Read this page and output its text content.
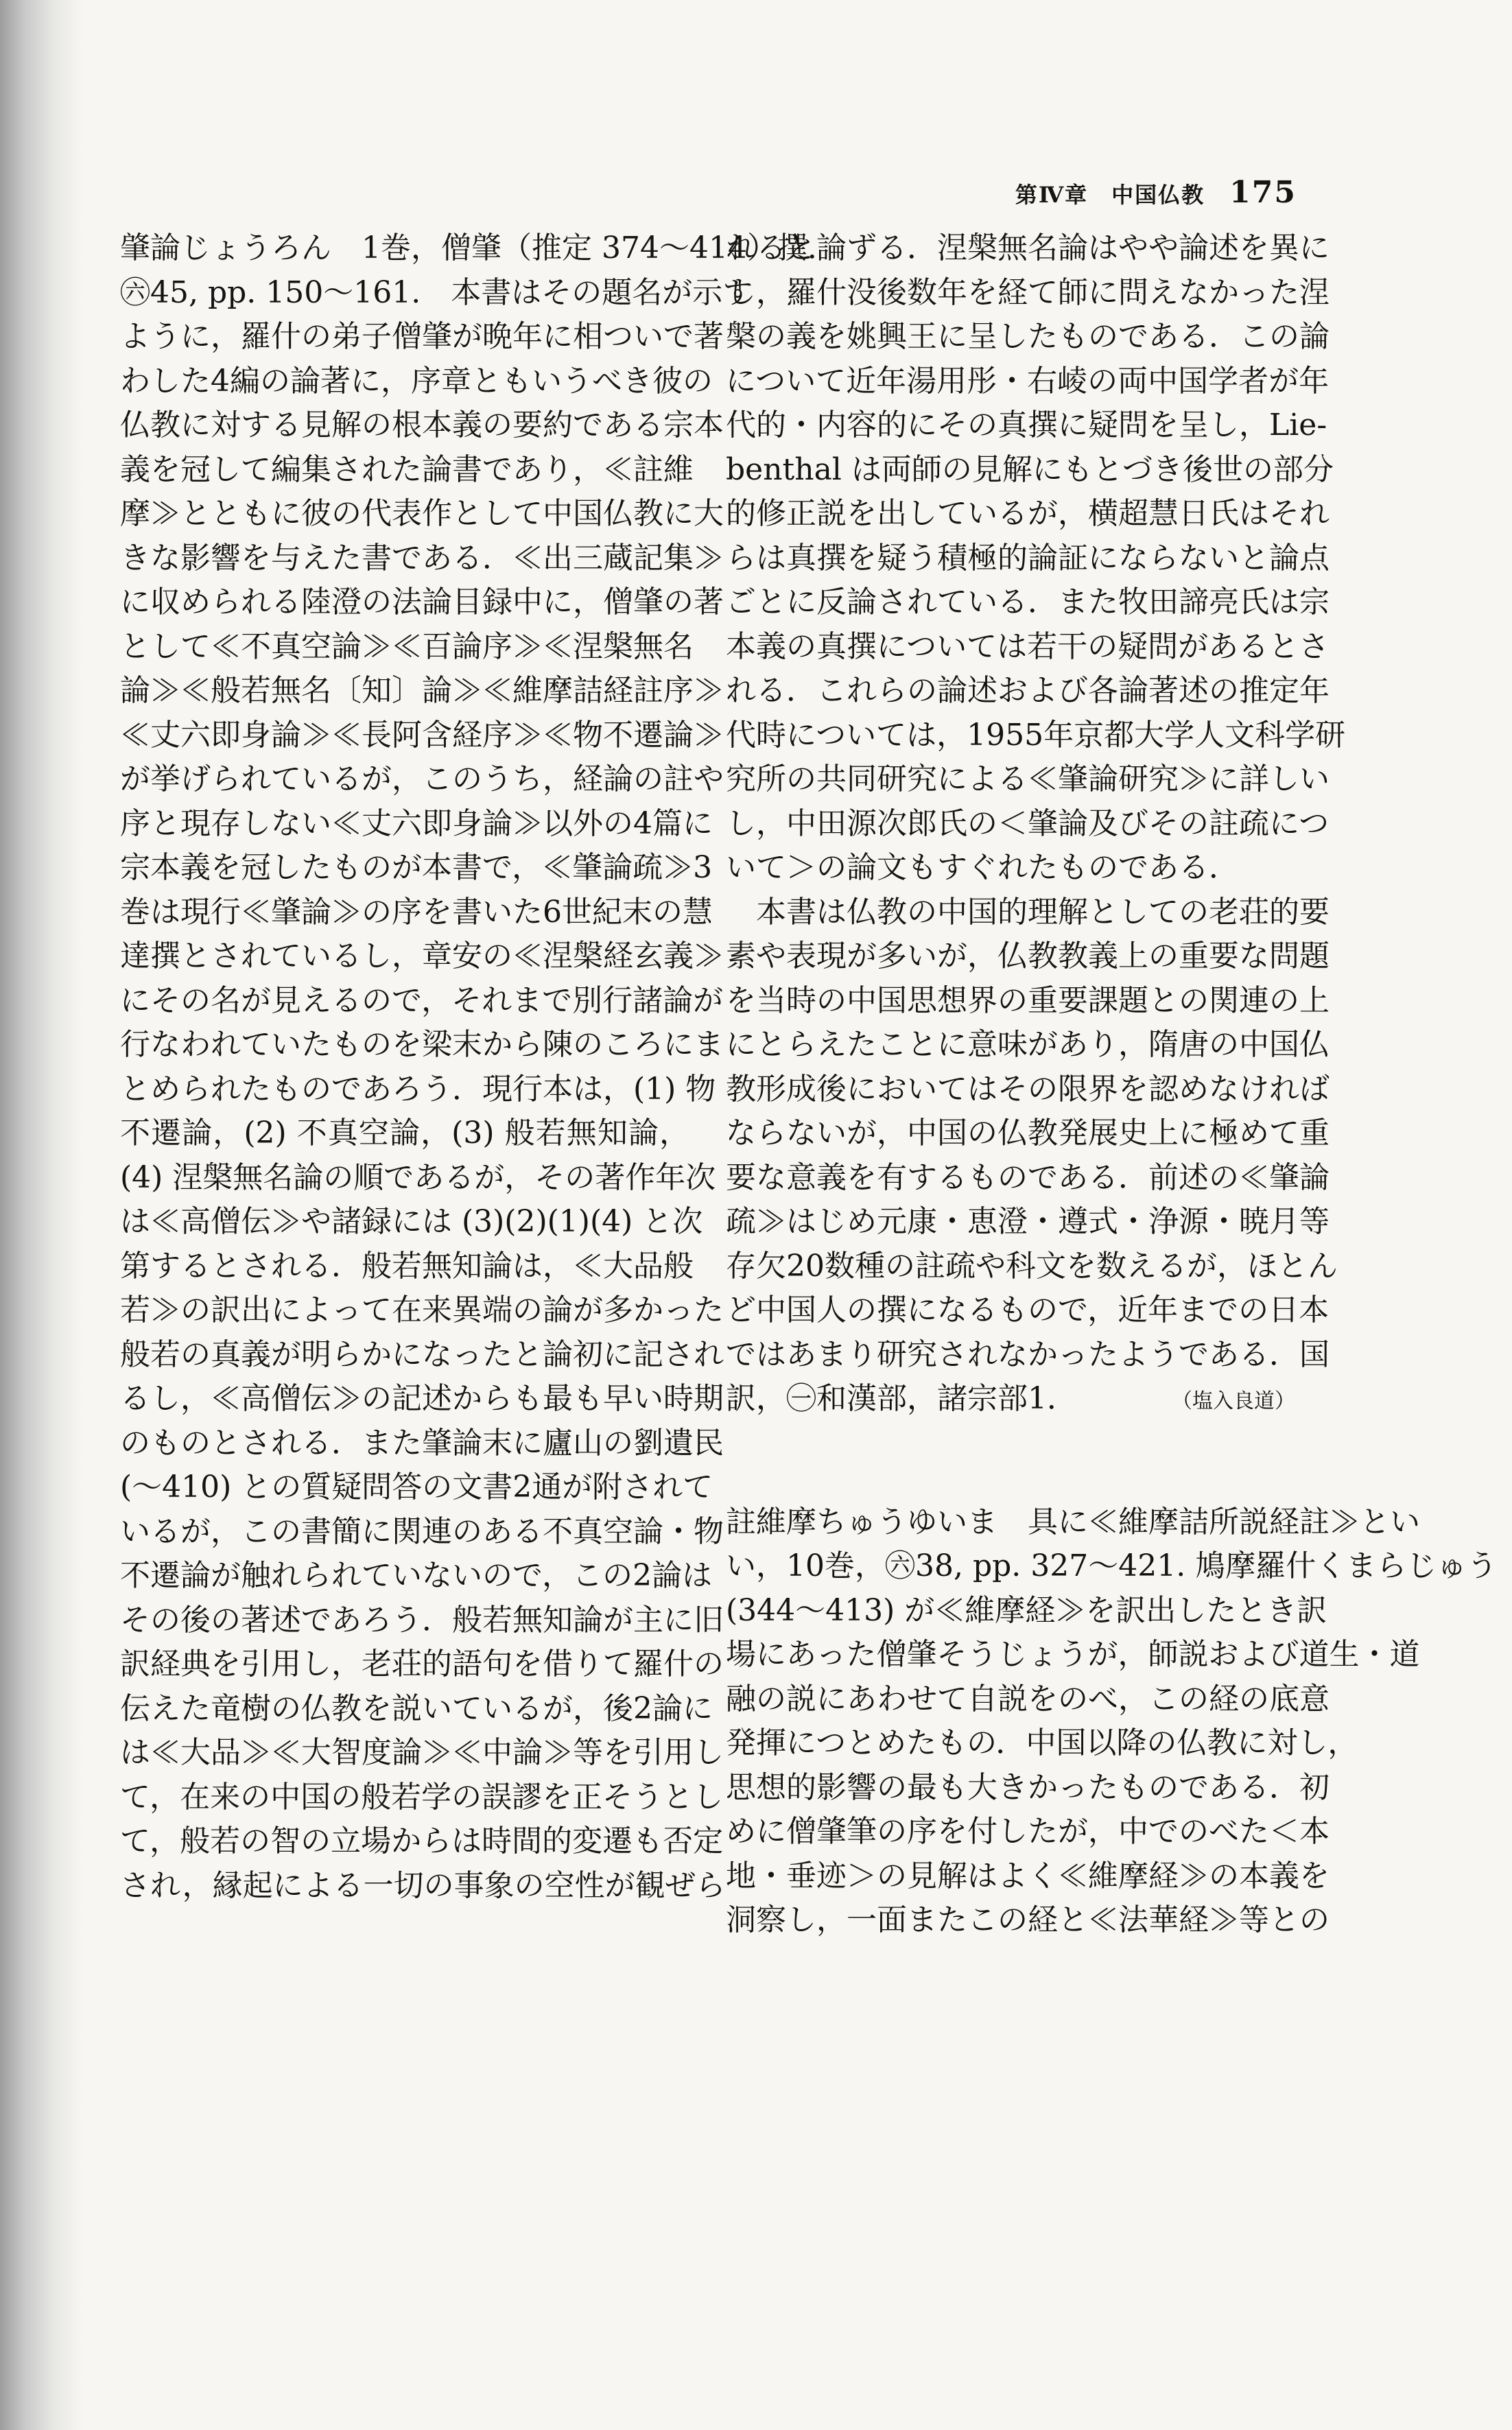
第Ⅳ章　中国仏教 175

肇論じょうろん　1巻，僧肇（推定 374～414）撰．

㊅45, pp. 150～161.　本書はその題名が示す

ように，羅什の弟子僧肇が晩年に相ついで著

わした4編の論著に，序章ともいうべき彼の

仏教に対する見解の根本義の要約である宗本

義を冠して編集された論書であり，≪註維

摩≫とともに彼の代表作として中国仏教に大

きな影響を与えた書である．≪出三蔵記集≫

に収められる陸澄の法論目録中に，僧肇の著

として≪不真空論≫≪百論序≫≪涅槃無名

論≫≪般若無名〔知〕論≫≪維摩詰経註序≫

≪丈六即身論≫≪長阿含経序≫≪物不遷論≫

が挙げられているが，このうち，経論の註や

序と現存しない≪丈六即身論≫以外の4篇に

宗本義を冠したものが本書で，≪肇論疏≫3

巻は現行≪肇論≫の序を書いた6世紀末の慧

達撰とされているし，章安の≪涅槃経玄義≫

にその名が見えるので，それまで別行諸論が

行なわれていたものを梁末から陳のころにま

とめられたものであろう．現行本は，(1) 物

不遷論，(2) 不真空論，(3) 般若無知論，

(4) 涅槃無名論の順であるが，その著作年次

は≪高僧伝≫や諸録には (3)(2)(1)(4) と次

第するとされる．般若無知論は，≪大品般

若≫の訳出によって在来異端の論が多かった

般若の真義が明らかになったと論初に記され

るし，≪高僧伝≫の記述からも最も早い時期

のものとされる．また肇論末に廬山の劉遺民

(～410) との質疑問答の文書2通が附されて

いるが，この書簡に関連のある不真空論・物

不遷論が触れられていないので，この2論は

その後の著述であろう．般若無知論が主に旧

訳経典を引用し，老荘的語句を借りて羅什の

伝えた竜樹の仏教を説いているが，後2論に

は≪大品≫≪大智度論≫≪中論≫等を引用し

て，在来の中国の般若学の誤謬を正そうとし

て，般若の智の立場からは時間的変遷も否定

され，縁起による一切の事象の空性が観ぜら

れると論ずる．涅槃無名論はやや論述を異に

し，羅什没後数年を経て師に問えなかった涅

槃の義を姚興王に呈したものである．この論

について近年湯用彤・右崚の両中国学者が年

代的・内容的にその真撰に疑問を呈し，Lie-

benthal は両師の見解にもとづき後世の部分

的修正説を出しているが，横超慧日氏はそれ

らは真撰を疑う積極的論証にならないと論点

ごとに反論されている．また牧田諦亮氏は宗

本義の真撰については若干の疑問があるとさ

れる．これらの論述および各論著述の推定年

代時については，1955年京都大学人文科学研

究所の共同研究による≪肇論研究≫に詳しい

し，中田源次郎氏の＜肇論及びその註疏につ

いて＞の論文もすぐれたものである．

　本書は仏教の中国的理解としての老荘的要

素や表現が多いが，仏教教義上の重要な問題

を当時の中国思想界の重要課題との関連の上

にとらえたことに意味があり，隋唐の中国仏

教形成後においてはその限界を認めなければ

ならないが，中国の仏教発展史上に極めて重

要な意義を有するものである．前述の≪肇論

疏≫はじめ元康・恵澄・遵式・浄源・暁月等

存欠20数種の註疏や科文を数えるが，ほとん

ど中国人の撰になるもので，近年までの日本

ではあまり研究されなかったようである．国

訳，㊀和漢部，諸宗部1．	（塩入良道）

註維摩ちゅうゆいま　具に≪維摩詰所説経註≫とい

い，10巻，㊅38, pp. 327～421. 鳩摩羅什くまらじゅう

(344～413) が≪維摩経≫を訳出したとき訳

場にあった僧肇そうじょうが，師説および道生・道

融の説にあわせて自説をのべ，この経の底意

発揮につとめたもの．中国以降の仏教に対し，

思想的影響の最も大きかったものである．初

めに僧肇筆の序を付したが，中でのべた＜本

地・垂迹＞の見解はよく≪維摩経≫の本義を

洞察し，一面またこの経と≪法華経≫等との
